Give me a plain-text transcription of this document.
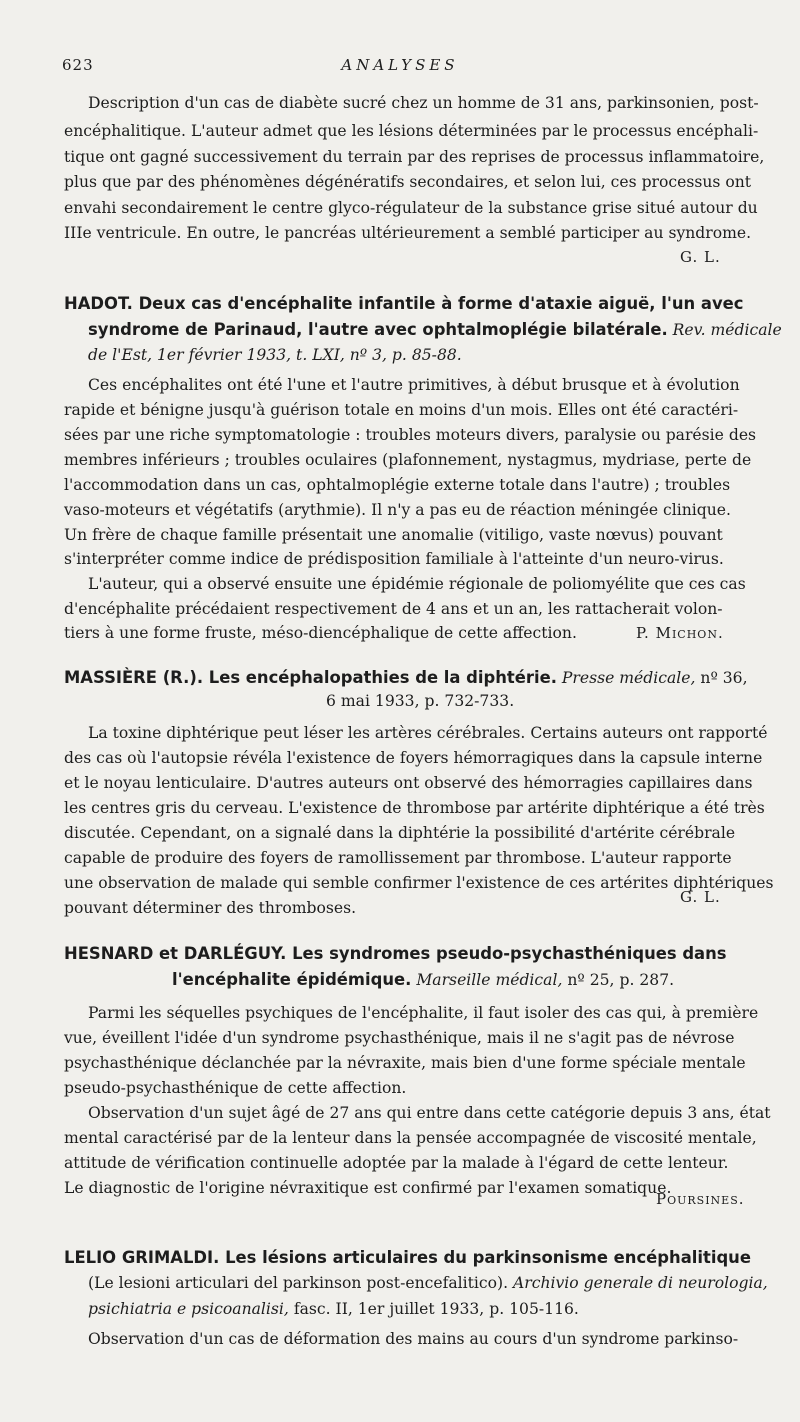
623	ANALYSES
Description d'un cas de diabète sucré chez un homme de 31 ans, parkinsonien, post-
encéphalitique. L'auteur admet que les lésions déterminées par le processus encéphali-
tique ont gagné successivement du terrain par des reprises de processus inflammatoire,
plus que par des phénomènes dégénératifs secondaires, et selon lui, ces processus ont
envahi secondairement le centre glyco-régulateur de la substance grise situé autour du
IIIe ventricule. En outre, le pancréas ultérieurement a semblé participer au syndrome.
G. L.
HADOT. Deux cas d'encéphalite infantile à forme d'ataxie aiguë, l'un avec
syndrome de Parinaud, l'autre avec ophtalmoplégie bilatérale. Rev. médicale
de l'Est, 1er février 1933, t. LXI, nº 3, p. 85-88.
Ces encéphalites ont été l'une et l'autre primitives, à début brusque et à évolution
rapide et bénigne jusqu'à guérison totale en moins d'un mois. Elles ont été caractéri-
sées par une riche symptomatologie : troubles moteurs divers, paralysie ou parésie des
membres inférieurs ; troubles oculaires (plafonnement, nystagmus, mydriase, perte de
l'accommodation dans un cas, ophtalmoplégie externe totale dans l'autre) ; troubles
vaso-moteurs et végétatifs (arythmie). Il n'y a pas eu de réaction méningée clinique.
Un frère de chaque famille présentait une anomalie (vitiligo, vaste nœvus) pouvant
s'interpréter comme indice de prédisposition familiale à l'atteinte d'un neuro-virus.
L'auteur, qui a observé ensuite une épidémie régionale de poliomyélite que ces cas
d'encéphalite précédaient respectivement de 4 ans et un an, les rattacherait volon-
tiers à une forme fruste, méso-diencéphalique de cette affection.	P. Michon.
MASSIÈRE (R.). Les encéphalopathies de la diphtérie. Presse médicale, nº 36,
6 mai 1933, p. 732-733.
La toxine diphtérique peut léser les artères cérébrales. Certains auteurs ont rapporté
des cas où l'autopsie révéla l'existence de foyers hémorragiques dans la capsule interne
et le noyau lenticulaire. D'autres auteurs ont observé des hémorragies capillaires dans
les centres gris du cerveau. L'existence de thrombose par artérite diphtérique a été très
discutée. Cependant, on a signalé dans la diphtérie la possibilité d'artérite cérébrale
capable de produire des foyers de ramollissement par thrombose. L'auteur rapporte
une observation de malade qui semble confirmer l'existence de ces artérites diphtériques
pouvant déterminer des thromboses.
G. L.
HESNARD et DARLÉGUY. Les syndromes pseudo-psychasthéniques dans
l'encéphalite épidémique. Marseille médical, nº 25, p. 287.
Parmi les séquelles psychiques de l'encéphalite, il faut isoler des cas qui, à première
vue, éveillent l'idée d'un syndrome psychasthénique, mais il ne s'agit pas de névrose
psychasthénique déclanchée par la névraxite, mais bien d'une forme spéciale mentale
pseudo-psychasthénique de cette affection.
Observation d'un sujet âgé de 27 ans qui entre dans cette catégorie depuis 3 ans, état
mental caractérisé par de la lenteur dans la pensée accompagnée de viscosité mentale,
attitude de vérification continuelle adoptée par la malade à l'égard de cette lenteur.
Le diagnostic de l'origine névraxitique est confirmé par l'examen somatique.
Poursines.
LELIO GRIMALDI. Les lésions articulaires du parkinsonisme encéphalitique
(Le lesioni articulari del parkinson post-encefalitico). Archivio generale di neurologia,
psichiatria e psicoanalisi, fasc. II, 1er juillet 1933, p. 105-116.
Observation d'un cas de déformation des mains au cours d'un syndrome parkinso-
